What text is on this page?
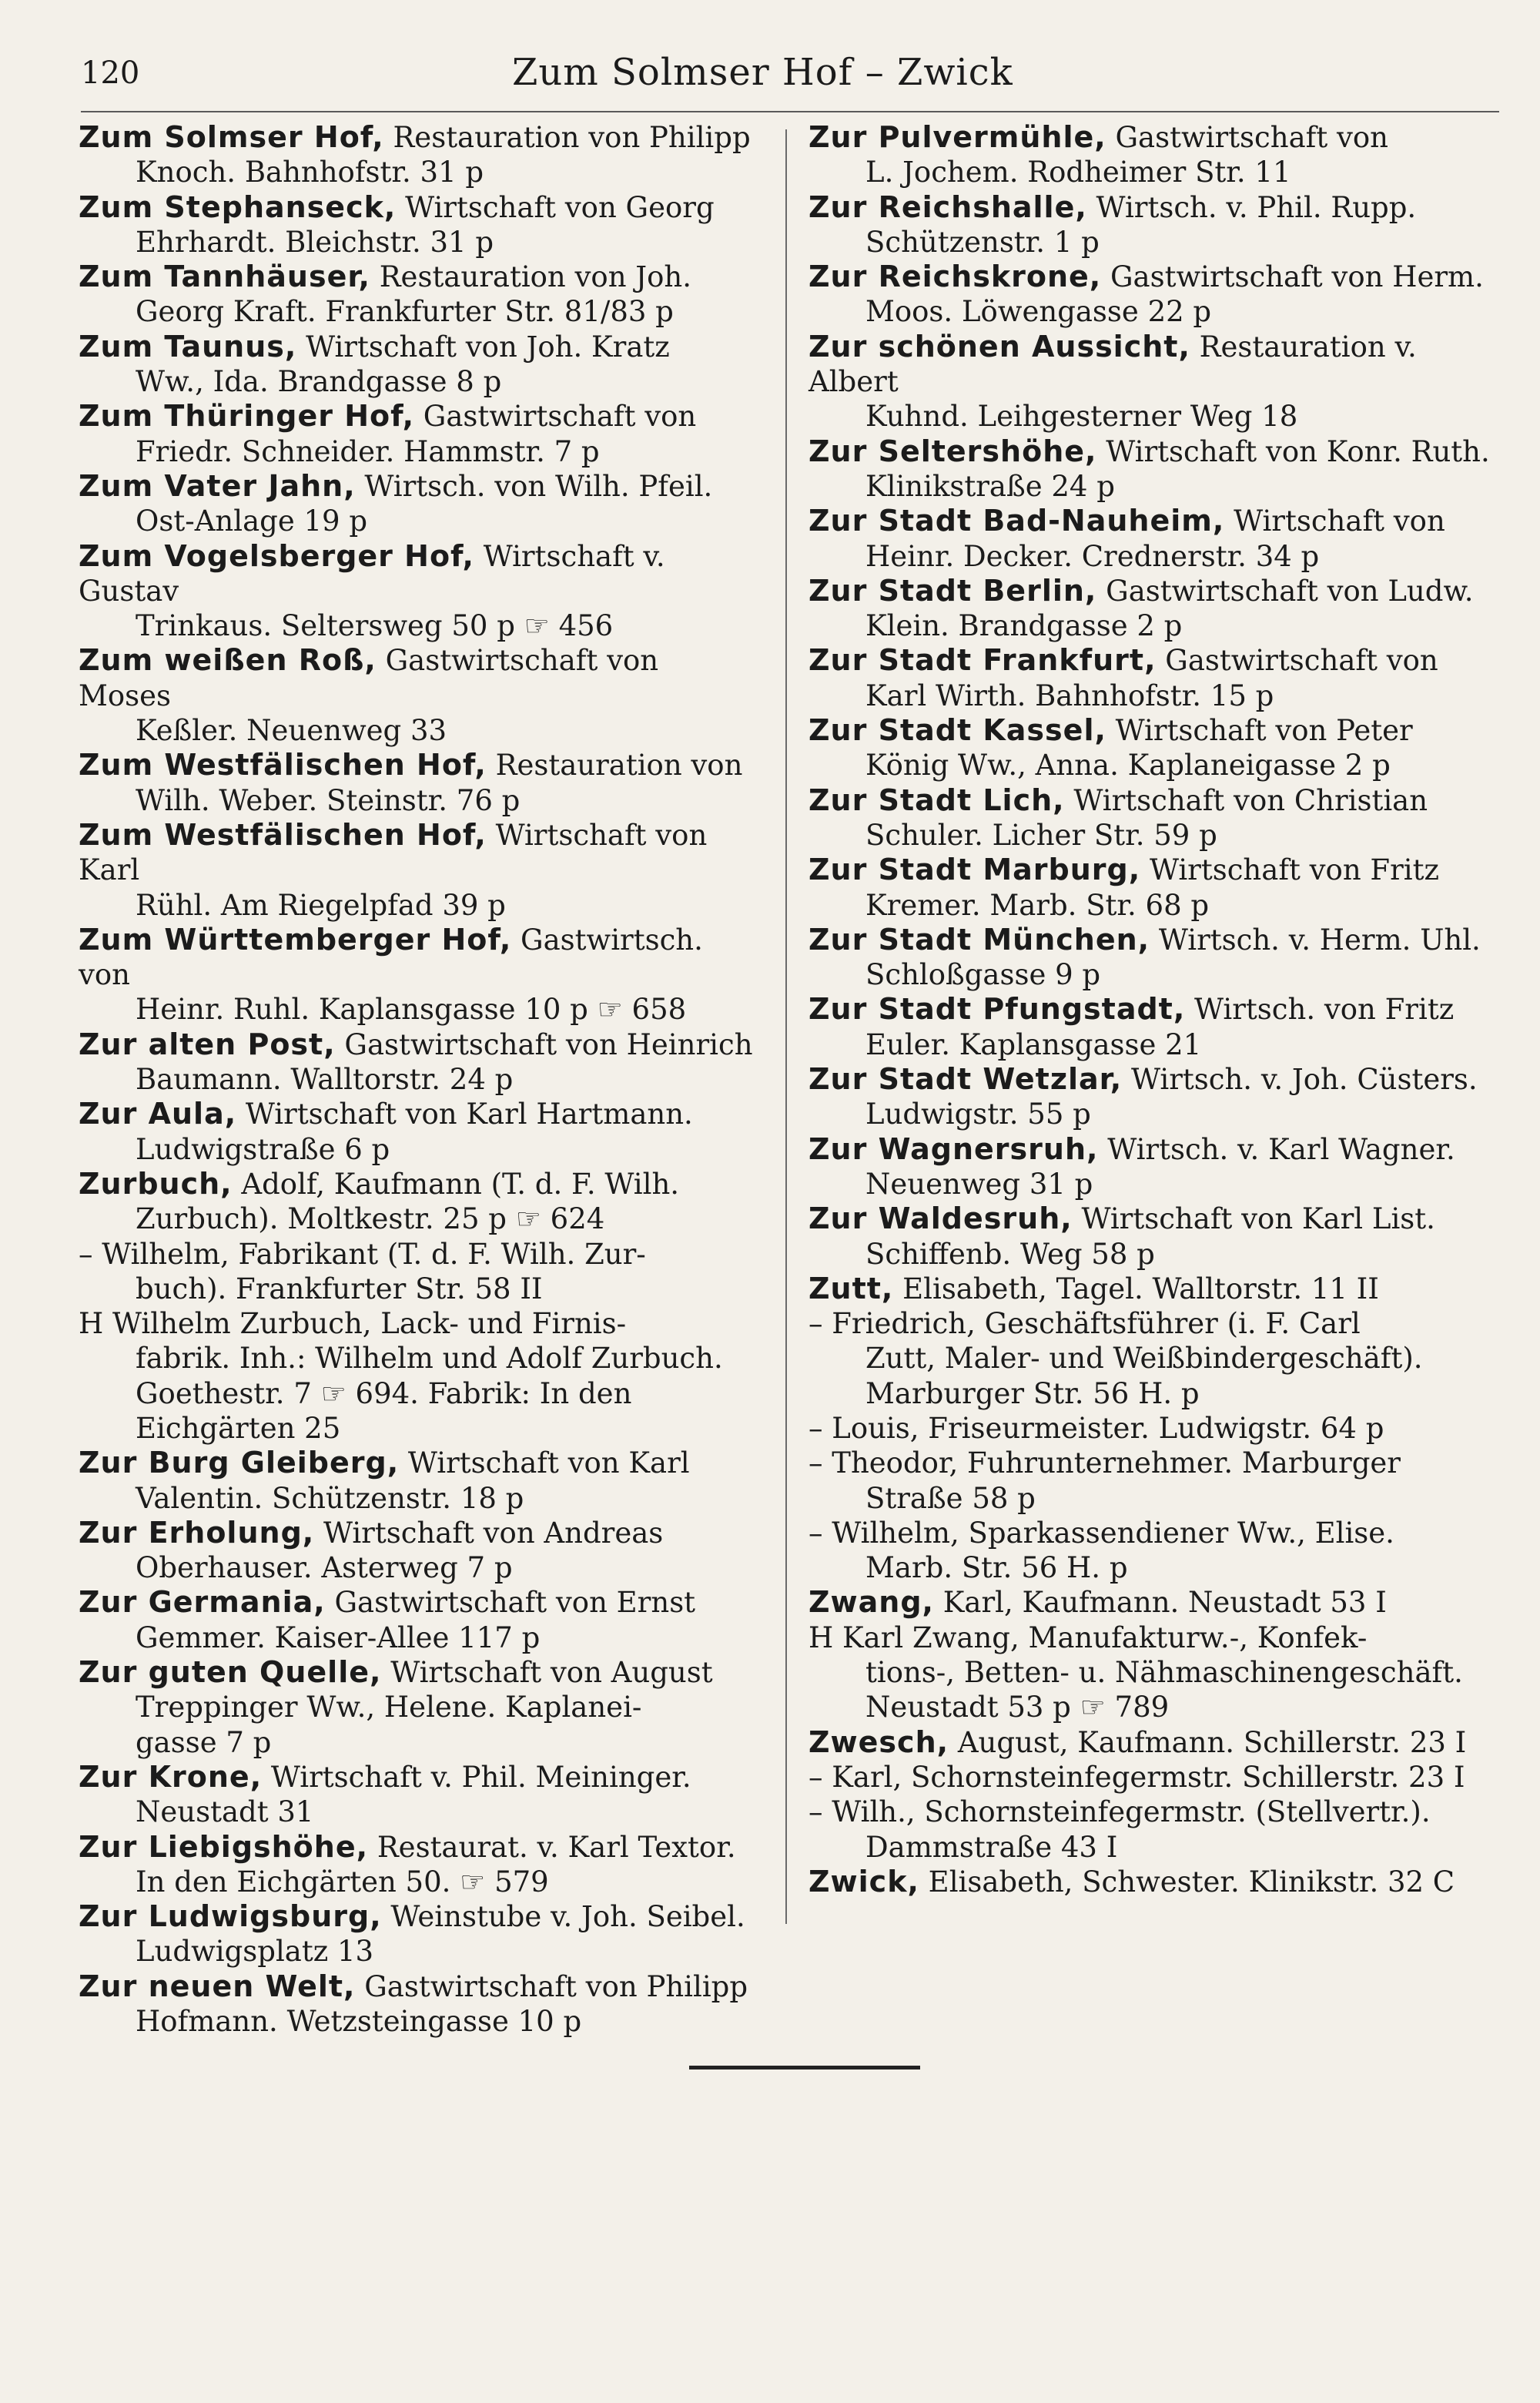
120	Zum Solmser Hof – Zwick
Zum Solmser Hof, Restauration von Philipp
Knoch. Bahnhofstr. 31 p
Zum Stephanseck, Wirtschaft von Georg
Ehrhardt. Bleichstr. 31 p
Zum Tannhäuser, Restauration von Joh.
Georg Kraft. Frankfurter Str. 81/83 p
Zum Taunus, Wirtschaft von Joh. Kratz
Ww., Ida. Brandgasse 8 p
Zum Thüringer Hof, Gastwirtschaft von
Friedr. Schneider. Hammstr. 7 p
Zum Vater Jahn, Wirtsch. von Wilh. Pfeil.
Ost-Anlage 19 p
Zum Vogelsberger Hof, Wirtschaft v. Gustav
Trinkaus. Seltersweg 50 p ☞ 456
Zum weißen Roß, Gastwirtschaft von Moses
Keßler. Neuenweg 33
Zum Westfälischen Hof, Restauration von
Wilh. Weber. Steinstr. 76 p
Zum Westfälischen Hof, Wirtschaft von Karl
Rühl. Am Riegelpfad 39 p
Zum Württemberger Hof, Gastwirtsch. von
Heinr. Ruhl. Kaplansgasse 10 p ☞ 658
Zur alten Post, Gastwirtschaft von Heinrich
Baumann. Walltorstr. 24 p
Zur Aula, Wirtschaft von Karl Hartmann.
Ludwigstraße 6 p
Zurbuch, Adolf, Kaufmann (T. d. F. Wilh.
Zurbuch). Moltkestr. 25 p ☞ 624
– Wilhelm, Fabrikant (T. d. F. Wilh. Zur-
buch). Frankfurter Str. 58 II
H Wilhelm Zurbuch, Lack- und Firnis-
fabrik. Inh.: Wilhelm und Adolf Zurbuch.
Goethestr. 7 ☞ 694. Fabrik: In den
Eichgärten 25
Zur Burg Gleiberg, Wirtschaft von Karl
Valentin. Schützenstr. 18 p
Zur Erholung, Wirtschaft von Andreas
Oberhauser. Asterweg 7 p
Zur Germania, Gastwirtschaft von Ernst
Gemmer. Kaiser-Allee 117 p
Zur guten Quelle, Wirtschaft von August
Treppinger Ww., Helene. Kaplanei-
gasse 7 p
Zur Krone, Wirtschaft v. Phil. Meininger.
Neustadt 31
Zur Liebigshöhe, Restaurat. v. Karl Textor.
In den Eichgärten 50. ☞ 579
Zur Ludwigsburg, Weinstube v. Joh. Seibel.
Ludwigsplatz 13
Zur neuen Welt, Gastwirtschaft von Philipp
Hofmann. Wetzsteingasse 10 p
Zur Pulvermühle, Gastwirtschaft von
L. Jochem. Rodheimer Str. 11
Zur Reichshalle, Wirtsch. v. Phil. Rupp.
Schützenstr. 1 p
Zur Reichskrone, Gastwirtschaft von Herm.
Moos. Löwengasse 22 p
Zur schönen Aussicht, Restauration v. Albert
Kuhnd. Leihgesterner Weg 18
Zur Seltershöhe, Wirtschaft von Konr. Ruth.
Klinikstraße 24 p
Zur Stadt Bad-Nauheim, Wirtschaft von
Heinr. Decker. Crednerstr. 34 p
Zur Stadt Berlin, Gastwirtschaft von Ludw.
Klein. Brandgasse 2 p
Zur Stadt Frankfurt, Gastwirtschaft von
Karl Wirth. Bahnhofstr. 15 p
Zur Stadt Kassel, Wirtschaft von Peter
König Ww., Anna. Kaplaneigasse 2 p
Zur Stadt Lich, Wirtschaft von Christian
Schuler. Licher Str. 59 p
Zur Stadt Marburg, Wirtschaft von Fritz
Kremer. Marb. Str. 68 p
Zur Stadt München, Wirtsch. v. Herm. Uhl.
Schloßgasse 9 p
Zur Stadt Pfungstadt, Wirtsch. von Fritz
Euler. Kaplansgasse 21
Zur Stadt Wetzlar, Wirtsch. v. Joh. Cüsters.
Ludwigstr. 55 p
Zur Wagnersruh, Wirtsch. v. Karl Wagner.
Neuenweg 31 p
Zur Waldesruh, Wirtschaft von Karl List.
Schiffenb. Weg 58 p
Zutt, Elisabeth, Tagel. Walltorstr. 11 II
– Friedrich, Geschäftsführer (i. F. Carl
Zutt, Maler- und Weißbindergeschäft).
Marburger Str. 56 H. p
– Louis, Friseurmeister. Ludwigstr. 64 p
– Theodor, Fuhrunternehmer. Marburger
Straße 58 p
– Wilhelm, Sparkassendiener Ww., Elise.
Marb. Str. 56 H. p
Zwang, Karl, Kaufmann. Neustadt 53 I
H Karl Zwang, Manufakturw.-, Konfek-
tions-, Betten- u. Nähmaschinengeschäft.
Neustadt 53 p ☞ 789
Zwesch, August, Kaufmann. Schillerstr. 23 I
– Karl, Schornsteinfegermstr. Schillerstr. 23 I
– Wilh., Schornsteinfegermstr. (Stellvertr.).
Dammstraße 43 I
Zwick, Elisabeth, Schwester. Klinikstr. 32 C
